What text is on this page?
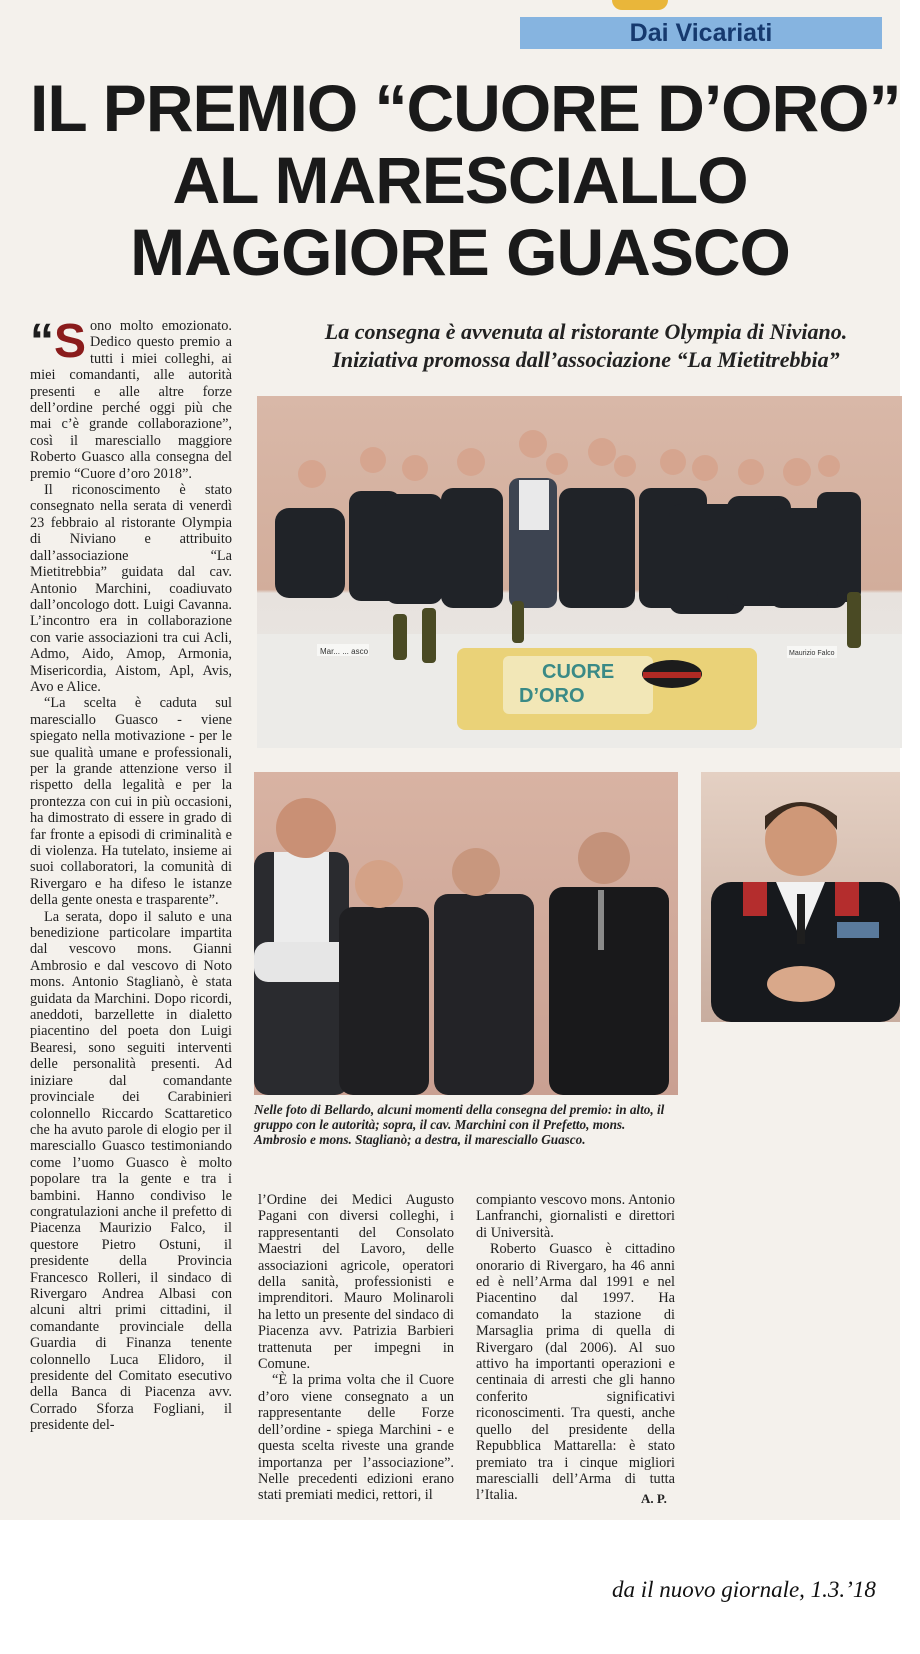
Dai Vicariati
IL PREMIO “CUORE D’ORO”
AL MARESCIALLO
MAGGIORE GUASCO
La consegna è avvenuta al ristorante Olympia di Niviano.
Iniziativa promossa dall’associazione “La Mietitrebbia”

“S ono molto emozionato. Dedico questo premio a tutti i miei colleghi, ai miei comandanti, alle autorità presenti e alle altre forze dell’ordine perché oggi più che mai c’è grande collaborazione”, così il maresciallo maggiore Roberto Guasco alla consegna del premio “Cuore d’oro 2018”.

Il riconoscimento è stato consegnato nella serata di venerdì 23 febbraio al ristorante Olympia di Niviano e attribuito dall’associazione “La Mietitrebbia” guidata dal cav. Antonio Marchini, coadiuvato dall’oncologo dott. Luigi Cavanna. L’incontro era in collaborazione con varie associazioni tra cui Acli, Admo, Aido, Amop, Armonia, Misericordia, Aistom, Apl, Avis, Avo e Alice.

“La scelta è caduta sul maresciallo Guasco - viene spiegato nella motivazione - per le sue qualità umane e professionali, per la grande attenzione verso il rispetto della legalità e per la prontezza con cui in più occasioni, ha dimostrato di essere in grado di far fronte a episodi di criminalità e di violenza. Ha tutelato, insieme ai suoi collaboratori, la comunità di Rivergaro e ha difeso le istanze della gente onesta e trasparente”.

La serata, dopo il saluto e una benedizione particolare impartita dal vescovo mons. Gianni Ambrosio e dal vescovo di Noto mons. Antonio Staglianò, è stata guidata da Marchini. Dopo ricordi, aneddoti, barzellette in dialetto piacentino del poeta don Luigi Bearesi, sono seguiti interventi delle personalità presenti. Ad iniziare dal comandante provinciale dei Carabinieri colonnello Riccardo Scattaretico che ha avuto parole di elogio per il maresciallo Guasco testimoniando come l’uomo Guasco è molto popolare tra la gente e tra i bambini. Hanno condiviso le congratulazioni anche il prefetto di Piacenza Maurizio Falco, il questore Pietro Ostuni, il presidente della Provincia Francesco Rolleri, il sindaco di Rivergaro Andrea Albasi con alcuni altri primi cittadini, il comandante provinciale della Guardia di Finanza tenente colonnello Luca Elidoro, il presidente del Comitato esecutivo della Banca di Piacenza avv. Corrado Sforza Fogliani, il presidente del-

CUORE
D’ORO
Mar... ... asco	Maurizio Falco
Nelle foto di Bellardo, alcuni momenti della consegna del premio: in alto, il gruppo con le autorità; sopra, il cav. Marchini con il Prefetto, mons. Ambrosio e mons. Staglianò; a destra, il maresciallo Guasco.

l’Ordine dei Medici Augusto Pagani con diversi colleghi, i rappresentanti del Consolato Maestri del Lavoro, delle associazioni agricole, operatori della sanità, professionisti e imprenditori. Mauro Molinaroli ha letto un presente del sindaco di Piacenza avv. Patrizia Barbieri trattenuta per impegni in Comune.

“È la prima volta che il Cuore d’oro viene consegnato a un rappresentante delle Forze dell’ordine - spiega Marchini - e questa scelta riveste una grande importanza per l’associazione”. Nelle precedenti edizioni erano stati premiati medici, rettori, il

compianto vescovo mons. Antonio Lanfranchi, giornalisti e direttori di Università.

Roberto Guasco è cittadino onorario di Rivergaro, ha 46 anni ed è nell’Arma dal 1991 e nel Piacentino dal 1997. Ha comandato la stazione di Marsaglia prima di quella di Rivergaro (dal 2006). Al suo attivo ha importanti operazioni e centinaia di arresti che gli hanno conferito significativi riconoscimenti. Tra questi, anche quello del presidente della Repubblica Mattarella: è stato premiato tra i cinque migliori marescialli dell’Arma di tutta l’Italia.	A. P.
da il nuovo giornale, 1.3.’18
